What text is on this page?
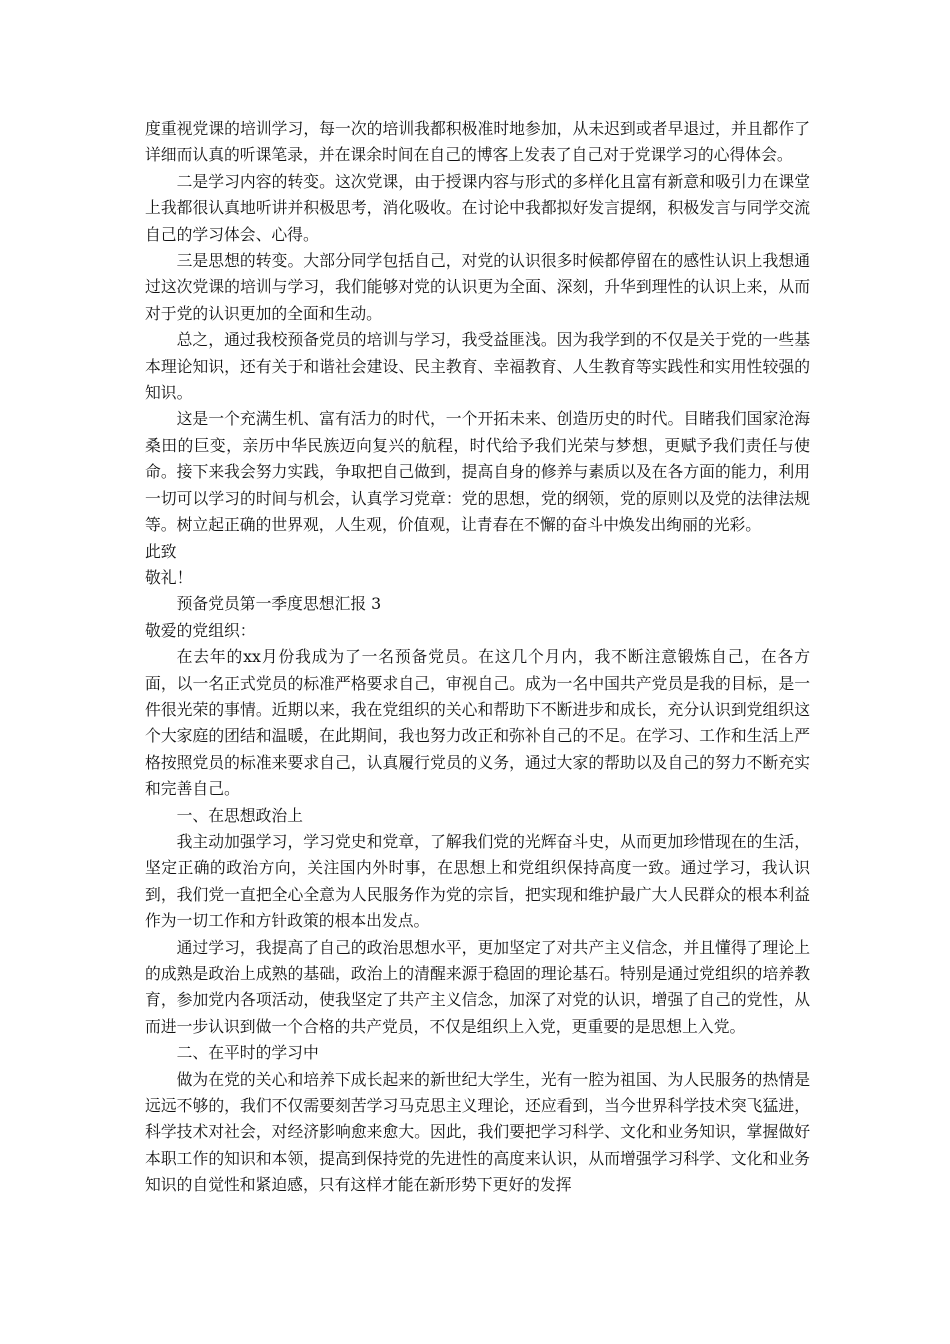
度重视党课的培训学习，每一次的培训我都积极准时地参加，从未迟到或者早退过，并且都作了详细而认真的听课笔录，并在课余时间在自己的博客上发表了自己对于党课学习的心得体会。

二是学习内容的转变。这次党课，由于授课内容与形式的多样化且富有新意和吸引力在课堂上我都很认真地听讲并积极思考，消化吸收。在讨论中我都拟好发言提纲，积极发言与同学交流自己的学习体会、心得。

三是思想的转变。大部分同学包括自己，对党的认识很多时候都停留在的感性认识上我想通过这次党课的培训与学习，我们能够对党的认识更为全面、深刻，升华到理性的认识上来，从而对于党的认识更加的全面和生动。

总之，通过我校预备党员的培训与学习，我受益匪浅。因为我学到的不仅是关于党的一些基本理论知识，还有关于和谐社会建设、民主教育、幸福教育、人生教育等实践性和实用性较强的知识。

这是一个充满生机、富有活力的时代，一个开拓未来、创造历史的时代。目睹我们国家沧海桑田的巨变，亲历中华民族迈向复兴的航程，时代给予我们光荣与梦想，更赋予我们责任与使命。接下来我会努力实践，争取把自己做到，提高自身的修养与素质以及在各方面的能力，利用一切可以学习的时间与机会，认真学习党章：党的思想，党的纲领，党的原则以及党的法律法规等。树立起正确的世界观，人生观，价值观，让青春在不懈的奋斗中焕发出绚丽的光彩。

此致

敬礼！

预备党员第一季度思想汇报 3

敬爱的党组织：

在去年的xx月份我成为了一名预备党员。在这几个月内，我不断注意锻炼自己，在各方面，以一名正式党员的标准严格要求自己，审视自己。成为一名中国共产党员是我的目标，是一件很光荣的事情。近期以来，我在党组织的关心和帮助下不断进步和成长，充分认识到党组织这个大家庭的团结和温暖，在此期间，我也努力改正和弥补自己的不足。在学习、工作和生活上严格按照党员的标准来要求自己，认真履行党员的义务，通过大家的帮助以及自己的努力不断充实和完善自己。

一、在思想政治上

我主动加强学习，学习党史和党章，了解我们党的光辉奋斗史，从而更加珍惜现在的生活，坚定正确的政治方向，关注国内外时事，在思想上和党组织保持高度一致。通过学习，我认识到，我们党一直把全心全意为人民服务作为党的宗旨，把实现和维护最广大人民群众的根本利益作为一切工作和方针政策的根本出发点。

通过学习，我提高了自己的政治思想水平，更加坚定了对共产主义信念，并且懂得了理论上的成熟是政治上成熟的基础，政治上的清醒来源于稳固的理论基石。特别是通过党组织的培养教育，参加党内各项活动，使我坚定了共产主义信念，加深了对党的认识，增强了自己的党性，从而进一步认识到做一个合格的共产党员，不仅是组织上入党，更重要的是思想上入党。

二、在平时的学习中

做为在党的关心和培养下成长起来的新世纪大学生，光有一腔为祖国、为人民服务的热情是远远不够的，我们不仅需要刻苦学习马克思主义理论，还应看到，当今世界科学技术突飞猛进，科学技术对社会，对经济影响愈来愈大。因此，我们要把学习科学、文化和业务知识，掌握做好本职工作的知识和本领，提高到保持党的先进性的高度来认识，从而增强学习科学、文化和业务知识的自觉性和紧迫感，只有这样才能在新形势下更好的发挥
